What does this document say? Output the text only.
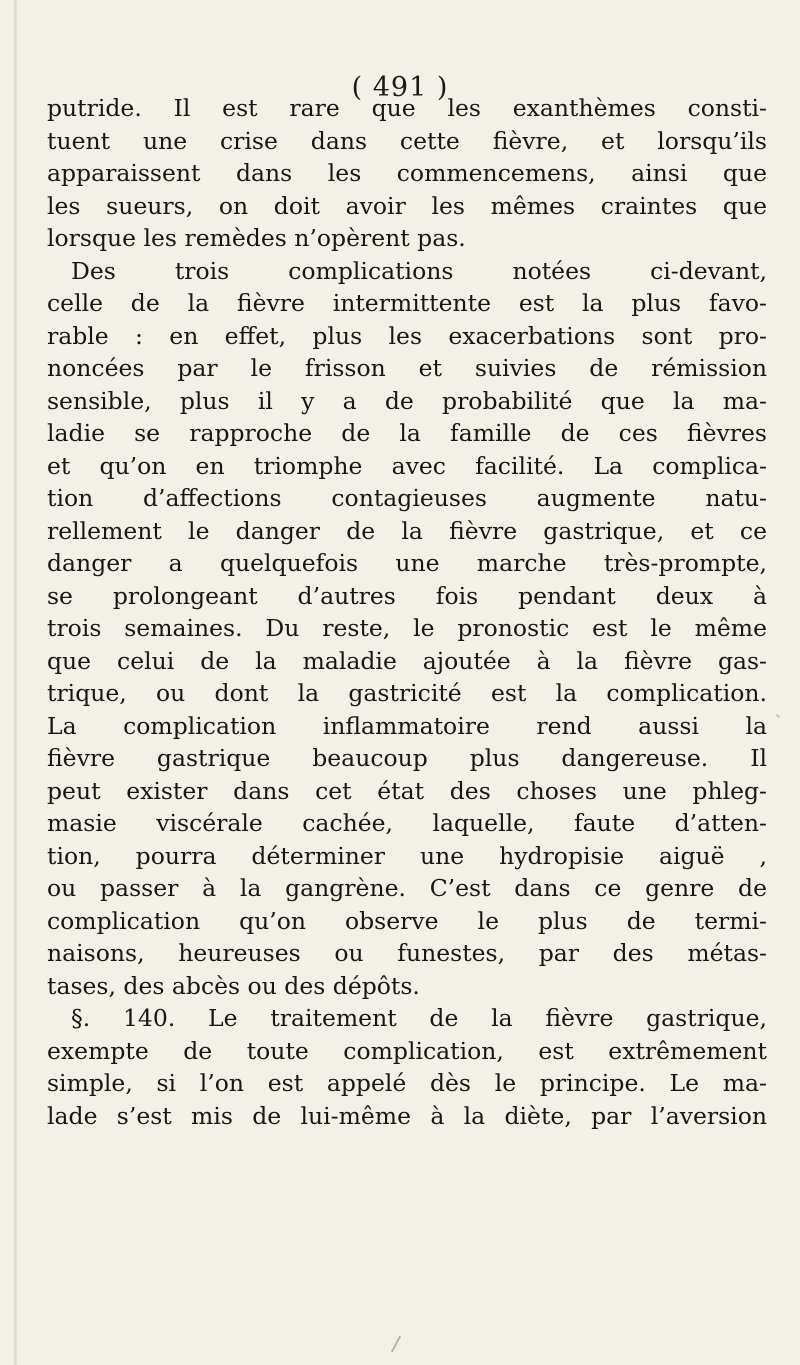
( 491 )
putride. Il est rare que les exanthèmes consti-
tuent une crise dans cette fièvre, et lorsqu’ils
apparaissent dans les commencemens, ainsi que
les sueurs, on doit avoir les mêmes craintes que
lorsque les remèdes n’opèrent pas.
Des trois complications notées ci-devant,
celle de la fièvre intermittente est la plus favo-
rable : en effet, plus les exacerbations sont pro-
noncées par le frisson et suivies de rémission
sensible, plus il y a de probabilité que la ma-
ladie se rapproche de la famille de ces fièvres
et qu’on en triomphe avec facilité. La complica-
tion d’affections contagieuses augmente natu-
rellement le danger de la fièvre gastrique, et ce
danger a quelquefois une marche très-prompte,
se prolongeant d’autres fois pendant deux à
trois semaines. Du reste, le pronostic est le même
que celui de la maladie ajoutée à la fièvre gas-
trique, ou dont la gastricité est la complication.
La complication inflammatoire rend aussi la
fièvre gastrique beaucoup plus dangereuse. Il
peut exister dans cet état des choses une phleg-
masie viscérale cachée, laquelle, faute d’atten-
tion, pourra déterminer une hydropisie aiguë ,
ou passer à la gangrène. C’est dans ce genre de
complication qu’on observe le plus de termi-
naisons, heureuses ou funestes, par des métas-
tases, des abcès ou des dépôts.
§. 140. Le traitement de la fièvre gastrique,
exempte de toute complication, est extrêmement
simple, si l’on est appelé dès le principe. Le ma-
lade s’est mis de lui-même à la diète, par l’aversion
